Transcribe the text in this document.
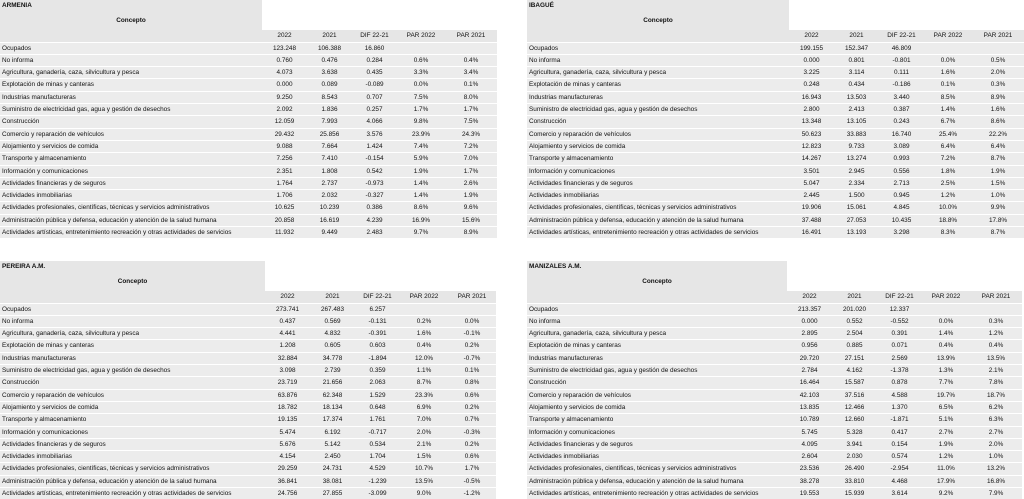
ARMENIA					
Concepto					
	2022	2021	DIF 22-21	PAR 2022	PAR 2021
Ocupados	123.248	106.388	16.860		
No informa	0.760	0.476	0.284	0.6%	0.4%
Agricultura, ganadería, caza, silvicultura y pesca	4.073	3.638	0.435	3.3%	3.4%
Explotación de minas y canteras	0.000	0.089	-0.089	0.0%	0.1%
Industrias manufactureras	9.250	8.543	0.707	7.5%	8.0%
Suministro de electricidad gas, agua y gestión de desechos	2.092	1.836	0.257	1.7%	1.7%
Construcción	12.059	7.993	4.066	9.8%	7.5%
Comercio y reparación de vehículos	29.432	25.856	3.576	23.9%	24.3%
Alojamiento y servicios de comida	9.088	7.664	1.424	7.4%	7.2%
Transporte y almacenamiento	7.256	7.410	-0.154	5.9%	7.0%
Información y comunicaciones	2.351	1.808	0.542	1.9%	1.7%
Actividades financieras y de seguros	1.764	2.737	-0.973	1.4%	2.6%
Actividades inmobiliarias	1.706	2.032	-0.327	1.4%	1.9%
Actividades profesionales, científicas, técnicas y servicios administrativos	10.625	10.239	0.386	8.6%	9.6%
Administración pública y defensa, educación y atención de la salud humana	20.858	16.619	4.239	16.9%	15.6%
Actividades artísticas, entretenimiento recreación y otras actividades de servicios	11.932	9.449	2.483	9.7%	8.9%
IBAGUÉ					
Concepto					
	2022	2021	DIF 22-21	PAR 2022	PAR 2021
Ocupados	199.155	152.347	46.809		
No informa	0.000	0.801	-0.801	0.0%	0.5%
Agricultura, ganadería, caza, silvicultura y pesca	3.225	3.114	0.111	1.6%	2.0%
Explotación de minas y canteras	0.248	0.434	-0.186	0.1%	0.3%
Industrias manufactureras	16.943	13.503	3.440	8.5%	8.9%
Suministro de electricidad gas, agua y gestión de desechos	2.800	2.413	0.387	1.4%	1.6%
Construcción	13.348	13.105	0.243	6.7%	8.6%
Comercio y reparación de vehículos	50.623	33.883	16.740	25.4%	22.2%
Alojamiento y servicios de comida	12.823	9.733	3.089	6.4%	6.4%
Transporte y almacenamiento	14.267	13.274	0.993	7.2%	8.7%
Información y comunicaciones	3.501	2.945	0.556	1.8%	1.9%
Actividades financieras y de seguros	5.047	2.334	2.713	2.5%	1.5%
Actividades inmobiliarias	2.445	1.500	0.945	1.2%	1.0%
Actividades profesionales, científicas, técnicas y servicios administrativos	19.906	15.061	4.845	10.0%	9.9%
Administración pública y defensa, educación y atención de la salud humana	37.488	27.053	10.435	18.8%	17.8%
Actividades artísticas, entretenimiento recreación y otras actividades de servicios	16.491	13.193	3.298	8.3%	8.7%
PEREIRA A.M.					
Concepto					
	2022	2021	DIF 22-21	PAR 2022	PAR 2021
Ocupados	273.741	267.483	6.257		
No informa	0.437	0.569	-0.131	0.2%	0.0%
Agricultura, ganadería, caza, silvicultura y pesca	4.441	4.832	-0.391	1.6%	-0.1%
Explotación de minas y canteras	1.208	0.605	0.603	0.4%	0.2%
Industrias manufactureras	32.884	34.778	-1.894	12.0%	-0.7%
Suministro de electricidad gas, agua y gestión de desechos	3.098	2.739	0.359	1.1%	0.1%
Construcción	23.719	21.656	2.063	8.7%	0.8%
Comercio y reparación de vehículos	63.876	62.348	1.529	23.3%	0.6%
Alojamiento y servicios de comida	18.782	18.134	0.648	6.9%	0.2%
Transporte y almacenamiento	19.135	17.374	1.761	7.0%	0.7%
Información y comunicaciones	5.474	6.192	-0.717	2.0%	-0.3%
Actividades financieras y de seguros	5.676	5.142	0.534	2.1%	0.2%
Actividades inmobiliarias	4.154	2.450	1.704	1.5%	0.6%
Actividades profesionales, científicas, técnicas y servicios administrativos	29.259	24.731	4.529	10.7%	1.7%
Administración pública y defensa, educación y atención de la salud humana	36.841	38.081	-1.239	13.5%	-0.5%
Actividades artísticas, entretenimiento recreación y otras actividades de servicios	24.756	27.855	-3.099	9.0%	-1.2%
MANIZALES A.M.					
Concepto					
	2022	2021	DIF 22-21	PAR 2022	PAR 2021
Ocupados	213.357	201.020	12.337		
No informa	0.000	0.552	-0.552	0.0%	0.3%
Agricultura, ganadería, caza, silvicultura y pesca	2.895	2.504	0.391	1.4%	1.2%
Explotación de minas y canteras	0.956	0.885	0.071	0.4%	0.4%
Industrias manufactureras	29.720	27.151	2.569	13.9%	13.5%
Suministro de electricidad gas, agua y gestión de desechos	2.784	4.162	-1.378	1.3%	2.1%
Construcción	16.464	15.587	0.878	7.7%	7.8%
Comercio y reparación de vehículos	42.103	37.516	4.588	19.7%	18.7%
Alojamiento y servicios de comida	13.835	12.466	1.370	6.5%	6.2%
Transporte y almacenamiento	10.789	12.660	-1.871	5.1%	6.3%
Información y comunicaciones	5.745	5.328	0.417	2.7%	2.7%
Actividades financieras y de seguros	4.095	3.941	0.154	1.9%	2.0%
Actividades inmobiliarias	2.604	2.030	0.574	1.2%	1.0%
Actividades profesionales, científicas, técnicas y servicios administrativos	23.536	26.490	-2.954	11.0%	13.2%
Administración pública y defensa, educación y atención de la salud humana	38.278	33.810	4.468	17.9%	16.8%
Actividades artísticas, entretenimiento recreación y otras actividades de servicios	19.553	15.939	3.614	9.2%	7.9%
